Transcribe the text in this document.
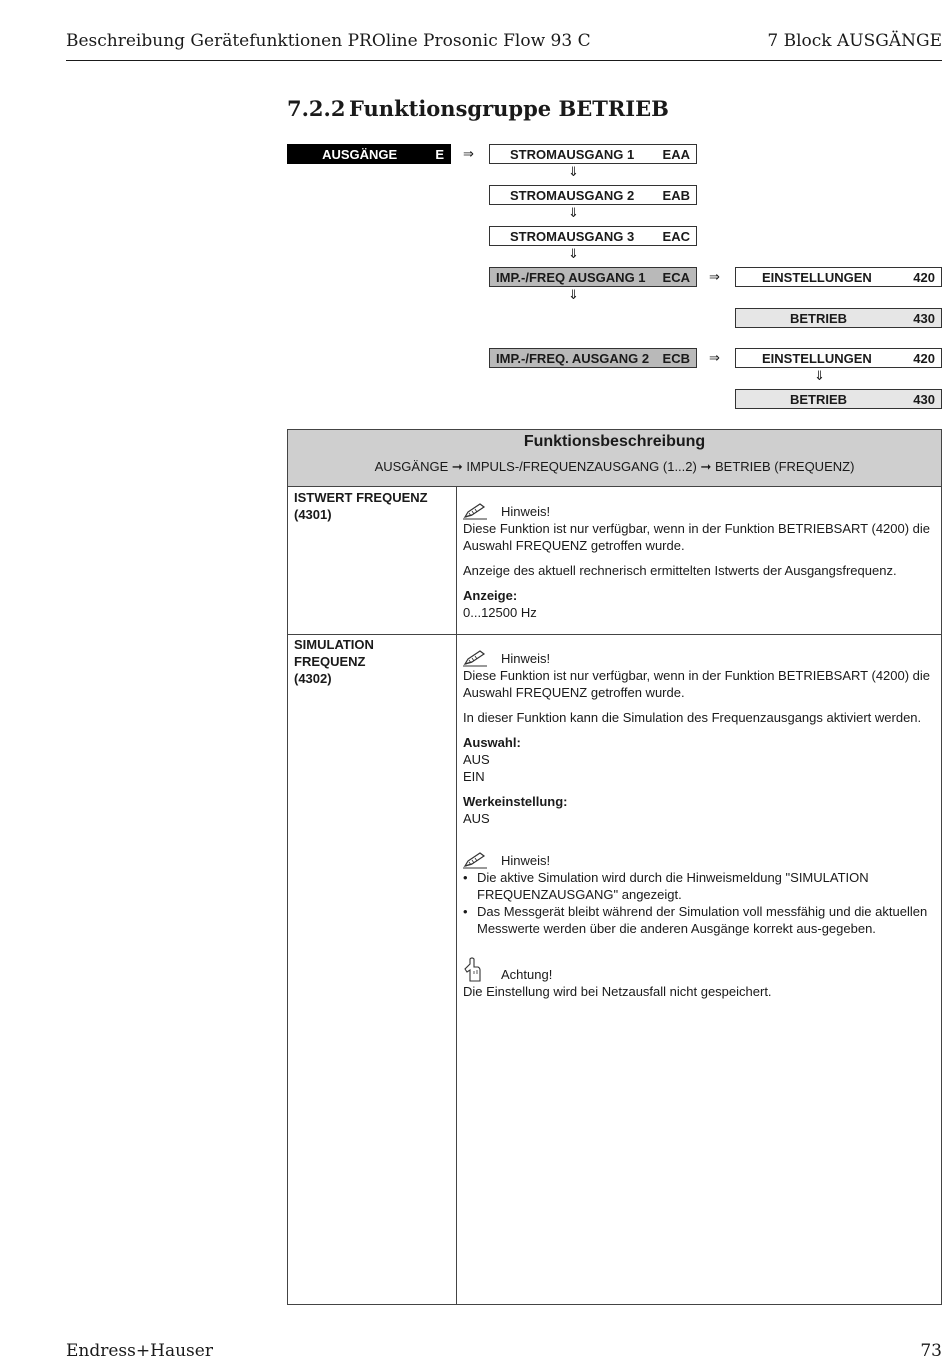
Beschreibung Gerätefunktionen PROline Prosonic Flow 93 C	7 Block AUSGÄNGE
7.2.2 Funktionsgruppe BETRIEB
AUSGÄNGE	E ⇒	STROMAUSGANG 1	EAA
⇓
STROMAUSGANG 2	EAB
⇓
STROMAUSGANG 3	EAC
⇓
IMP.-/FREQ AUSGANG 1	ECA
⇓
⇒	EINSTELLUNGEN	420
BETRIEB	430
IMP.-/FREQ. AUSGANG 2	ECB ⇒	EINSTELLUNGEN	420
⇓
BETRIEB	430
Funktionsbeschreibung
AUSGÄNGE ➞ IMPULS-/FREQUENZAUSGANG (1...2) ➞ BETRIEB (FREQUENZ)
ISTWERT FREQUENZ
(4301)	Hinweis!

Diese Funktion ist nur verfügbar, wenn in der Funktion BETRIEBSART (4200) die Auswahl FREQUENZ getroffen wurde.

Anzeige des aktuell rechnerisch ermittelten Istwerts der Ausgangsfrequenz.

Anzeige:

0...12500 Hz

SIMULATION
FREQUENZ
(4302)
Hinweis!

Diese Funktion ist nur verfügbar, wenn in der Funktion BETRIEBSART (4200) die Auswahl FREQUENZ getroffen wurde.

In dieser Funktion kann die Simulation des Frequenzausgangs aktiviert werden.

Auswahl:

AUS

EIN

Werkeinstellung:

AUS

Hinweis!
• Die aktive Simulation wird durch die Hinweismeldung "SIMULATION FREQUENZAUSGANG" angezeigt.
• Das Messgerät bleibt während der Simulation voll messfähig und die aktuellen Messwerte werden über die anderen Ausgänge korrekt aus-gegeben.
Achtung!

Die Einstellung wird bei Netzausfall nicht gespeichert.

Endress+Hauser	73
